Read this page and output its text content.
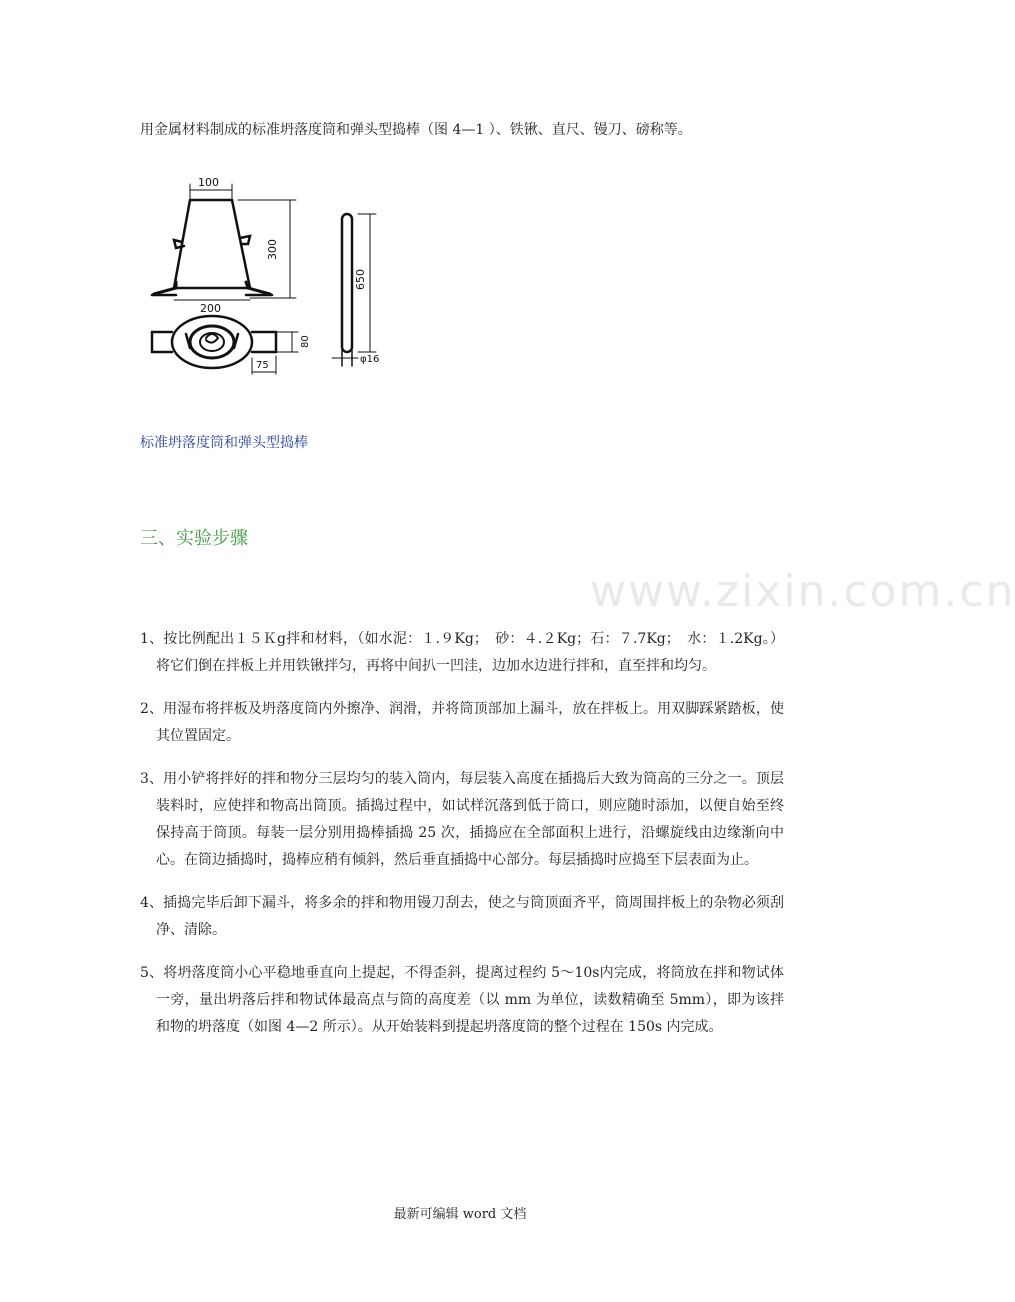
用金属材料制成的标准坍落度筒和弹头型捣棒（图 4—1 ）、铁锹、直尺、镘刀、磅称等。
100
300
200
650
80
75
φ16
标准坍落度筒和弹头型捣棒
三、实验步骤
www.zixin.com.cn

1、按比例配出１５Ｋg拌和材料，（如水泥：１.９Kg；　砂：４.２Kg；石：７.7Kg；　水：１.2Kg。）将它们倒在拌板上并用铁锹拌匀，再将中间扒一凹洼，边加水边进行拌和，直至拌和均匀。

2、用湿布将拌板及坍落度筒内外擦净、润滑，并将筒顶部加上漏斗，放在拌板上。用双脚踩紧踏板，使其位置固定。

3、用小铲将拌好的拌和物分三层均匀的装入筒内，每层装入高度在插捣后大致为筒高的三分之一。顶层装料时，应使拌和物高出筒顶。插捣过程中，如试样沉落到低于筒口，则应随时添加，以便自始至终保持高于筒顶。每装一层分别用捣棒插捣 25 次，插捣应在全部面积上进行，沿螺旋线由边缘渐向中心。在筒边插捣时，捣棒应稍有倾斜，然后垂直插捣中心部分。每层插捣时应捣至下层表面为止。

4、插捣完毕后卸下漏斗，将多余的拌和物用镘刀刮去，使之与筒顶面齐平，筒周围拌板上的杂物必须刮净、清除。

5、将坍落度筒小心平稳地垂直向上提起，不得歪斜，提离过程约 5～10s内完成，将筒放在拌和物试体一旁，量出坍落后拌和物试体最高点与筒的高度差（以 mm 为单位，读数精确至 5mm），即为该拌和物的坍落度（如图 4—2 所示）。从开始装料到提起坍落度筒的整个过程在 150s 内完成。

最新可编辑 word 文档
